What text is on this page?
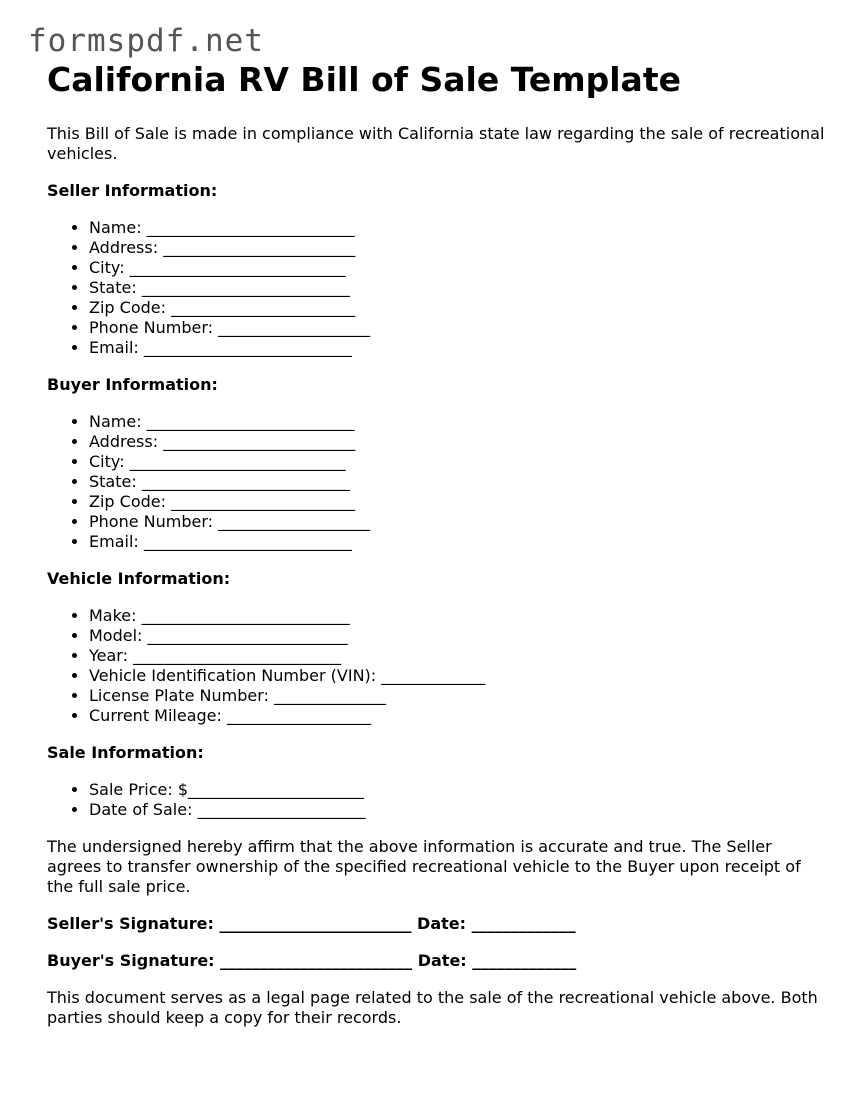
formspdf.net
California RV Bill of Sale Template

This Bill of Sale is made in compliance with California state law regarding the sale of recreational vehicles.

Seller Information:
• Name: __________________________
• Address: ________________________
• City: ___________________________
• State: __________________________
• Zip Code: _______________________
• Phone Number: ___________________
• Email: __________________________
Buyer Information:
• Name: __________________________
• Address: ________________________
• City: ___________________________
• State: __________________________
• Zip Code: _______________________
• Phone Number: ___________________
• Email: __________________________
Vehicle Information:
• Make: __________________________
• Model: _________________________
• Year: __________________________
• Vehicle Identification Number (VIN): _____________
• License Plate Number: ______________
• Current Mileage: __________________
Sale Information:
• Sale Price: $______________________
• Date of Sale: _____________________

The undersigned hereby affirm that the above information is accurate and true. The Seller agrees to transfer ownership of the specified recreational vehicle to the Buyer upon receipt of the full sale price.

Seller's Signature: ________________________ Date: _____________

Buyer's Signature: ________________________ Date: _____________

This document serves as a legal page related to the sale of the recreational vehicle above. Both parties should keep a copy for their records.
